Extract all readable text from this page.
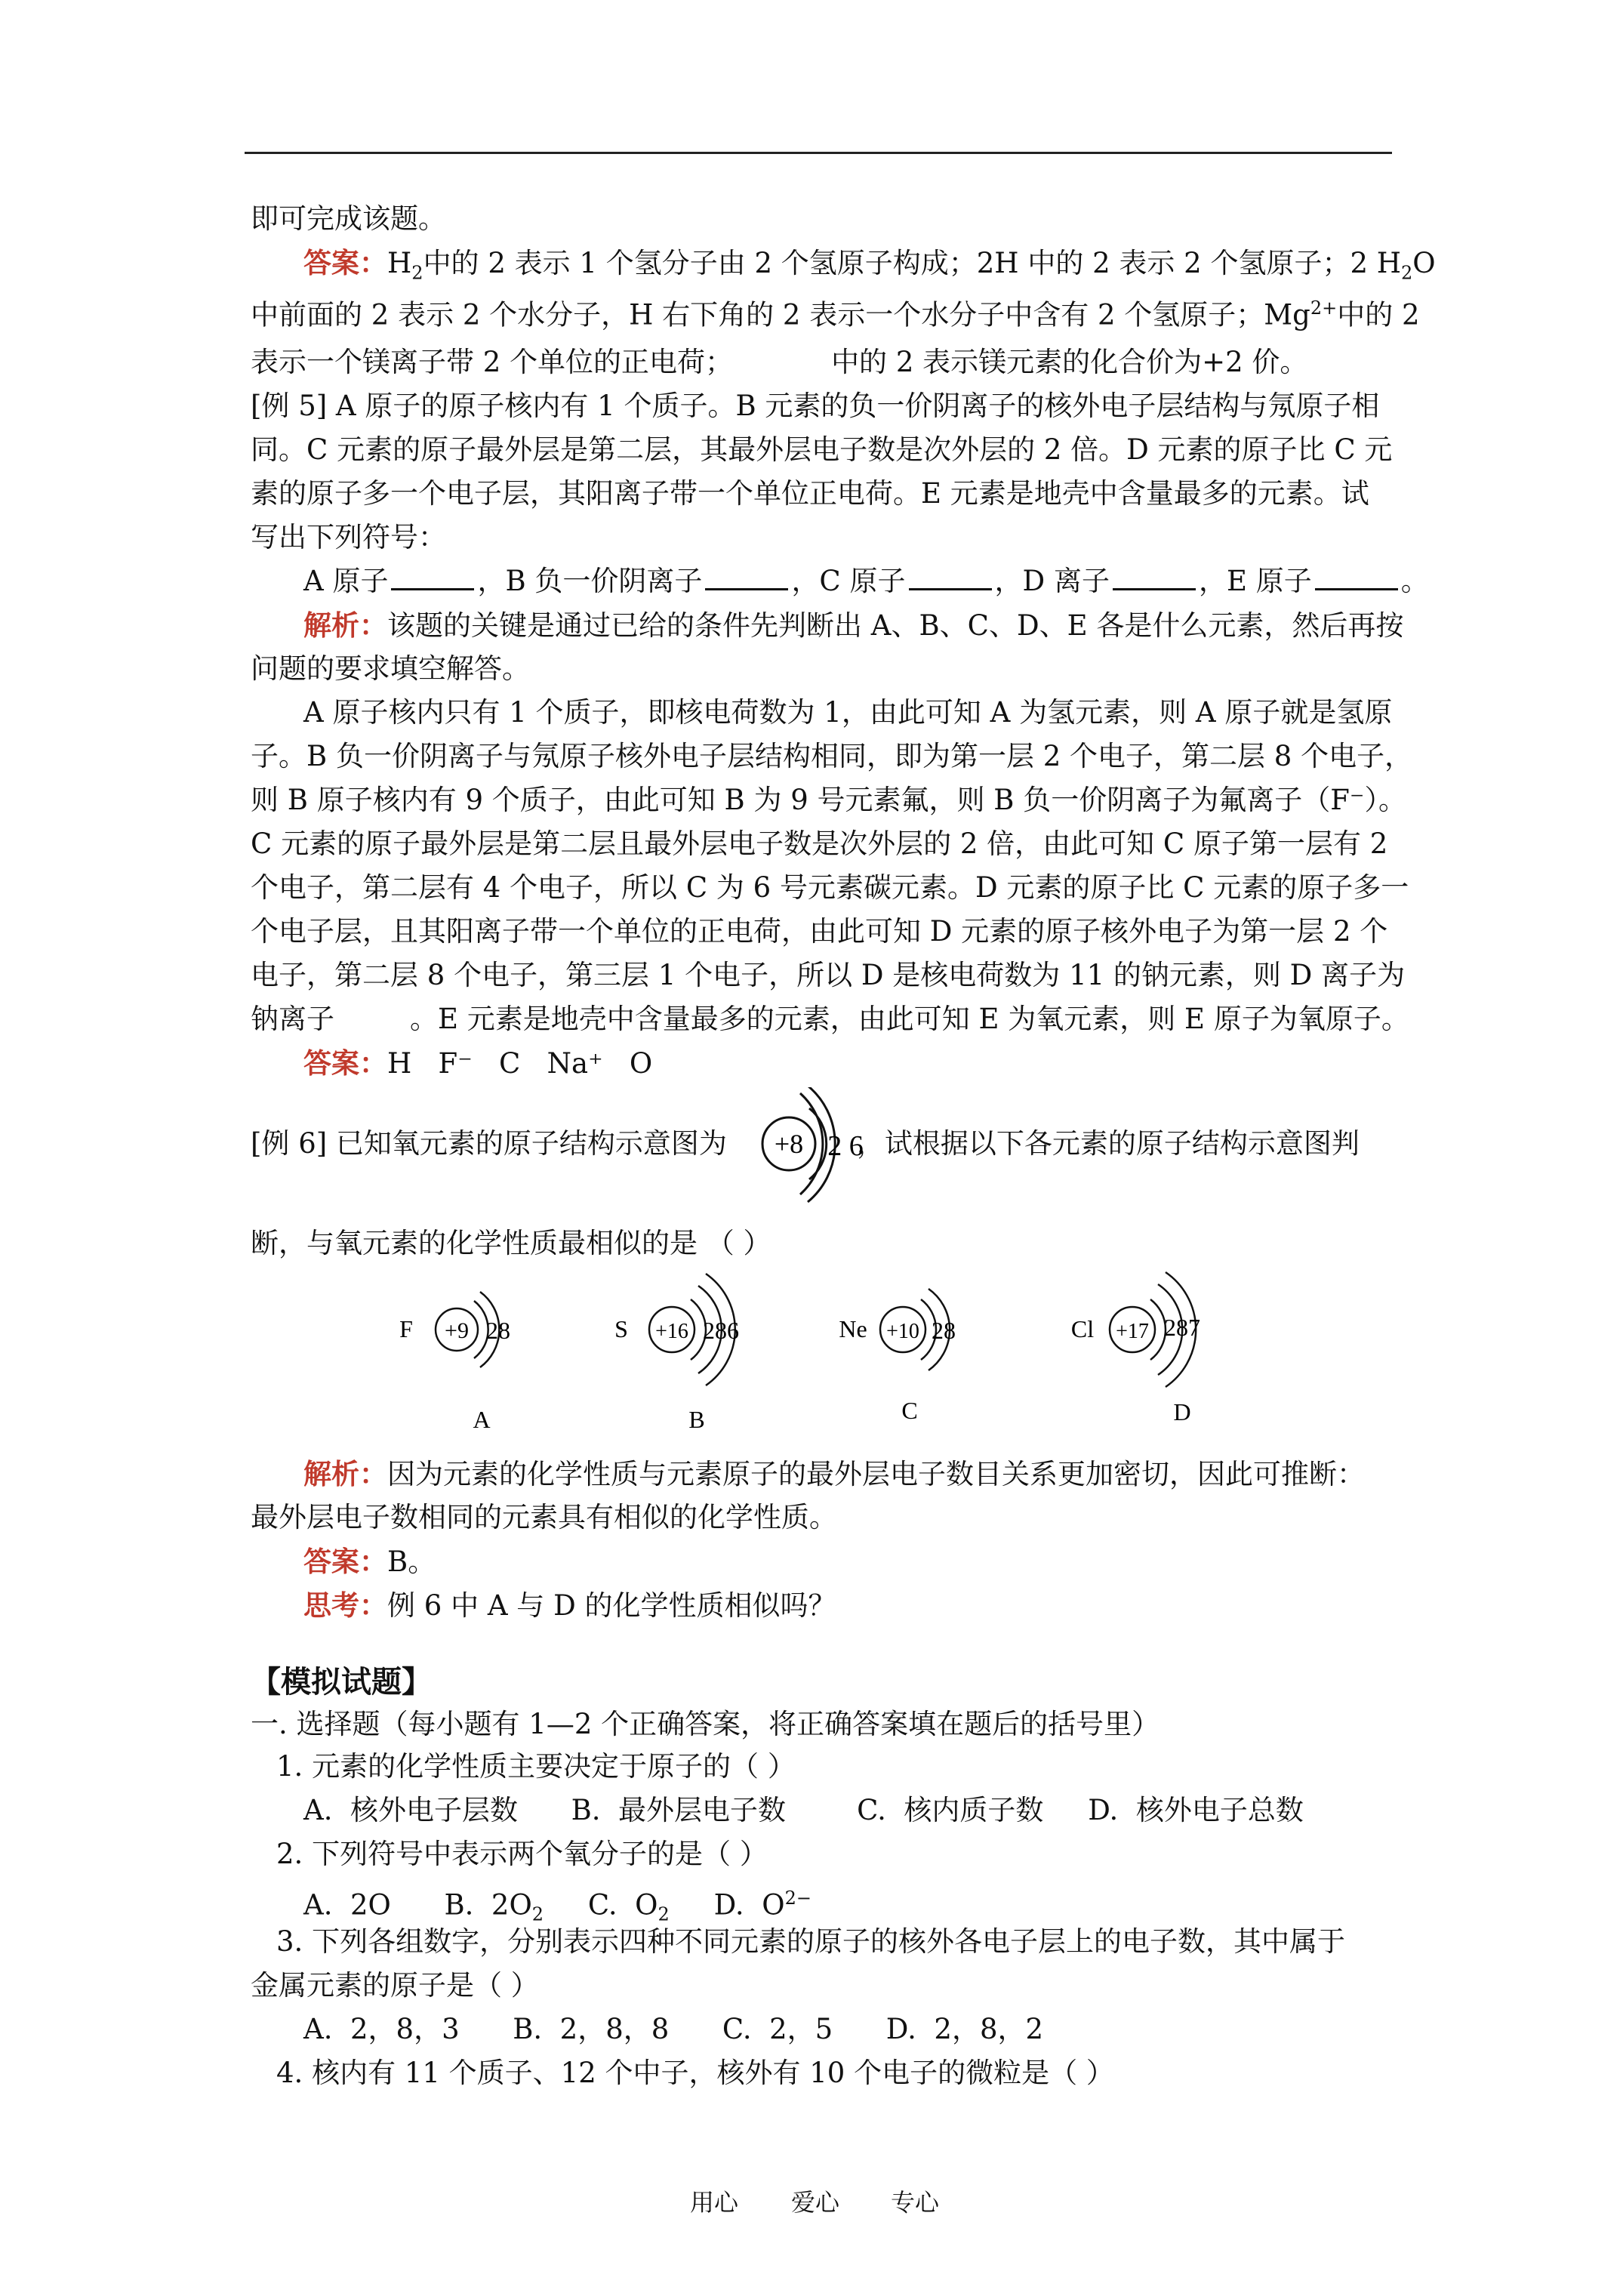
即可完成该题。
答案：$H_2$中的 2 表示 1 个氢分子由 2 个氢原子构成；2H 中的 2 表示 2 个氢原子；2 $H_2O$
中前面的 2 表示 2 个水分子，H 右下角的 2 表示一个水分子中含有 2 个氢原子；$Mg^{2+}$中的 2
表示一个镁离子带 2 个单位的正电荷；	中的 2 表示镁元素的化合价为+2 价。
[例 5] A 原子的原子核内有 1 个质子。B 元素的负一价阴离子的核外电子层结构与氖原子相
同。C 元素的原子最外层是第二层，其最外层电子数是次外层的 2 倍。D 元素的原子比 C 元
素的原子多一个电子层，其阳离子带一个单位正电荷。E 元素是地壳中含量最多的元素。试
写出下列符号：
A 原子	，B 负一价阴离子	，C 原子	，D 离子	，E 原子	。
解析：该题的关键是通过已给的条件先判断出 A、B、C、D、E 各是什么元素，然后再按
问题的要求填空解答。
A 原子核内只有 1 个质子，即核电荷数为 1，由此可知 A 为氢元素，则 A 原子就是氢原
子。B 负一价阴离子与氖原子核外电子层结构相同，即为第一层 2 个电子，第二层 8 个电子，
则 B 原子核内有 9 个质子，由此可知 B 为 9 号元素氟，则 B 负一价阴离子为氟离子（F⁻）。
C 元素的原子最外层是第二层且最外层电子数是次外层的 2 倍，由此可知 C 原子第一层有 2
个电子，第二层有 4 个电子，所以 C 为 6 号元素碳元素。D 元素的原子比 C 元素的原子多一
个电子层，且其阳离子带一个单位的正电荷，由此可知 D 元素的原子核外电子为第一层 2 个
电子，第二层 8 个电子，第三层 1 个电子，所以 D 是核电荷数为 11 的钠元素，则 D 离子为
钠离子	。E 元素是地壳中含量最多的元素，由此可知 E 为氧元素，则 E 原子为氧原子。
答案：H   F⁻   C   Na⁺   O
[例 6] 已知氧元素的原子结构示意图为	，试根据以下各元素的原子结构示意图判
+8 2 6
断，与氧元素的化学性质最相似的是 （ ）
F +9 28
A
S +16 286
B
Ne +10 28
C
Cl +17 287
D
解析：因为元素的化学性质与元素原子的最外层电子数目关系更加密切，因此可推断：
最外层电子数相同的元素具有相似的化学性质。
答案：B。
思考：例 6 中 A 与 D 的化学性质相似吗？
【模拟试题】
一. 选择题（每小题有 1—2 个正确答案，将正确答案填在题后的括号里）
1. 元素的化学性质主要决定于原子的（ ）
A.  核外电子层数      B.  最外层电子数        C.  核内质子数     D.  核外电子总数
2. 下列符号中表示两个氧分子的是（ ）
A.  2O      B.  $2O_2$     C.  $O_2$     D.  $O^{2-}$
3. 下列各组数字，分别表示四种不同元素的原子的核外各电子层上的电子数，其中属于
金属元素的原子是（ ）
A.  2，8，3      B.  2，8，8      C.  2，5      D.  2，8，2
4. 核内有 11 个质子、12 个中子，核外有 10 个电子的微粒是（ ）
用心 爱心 专心
